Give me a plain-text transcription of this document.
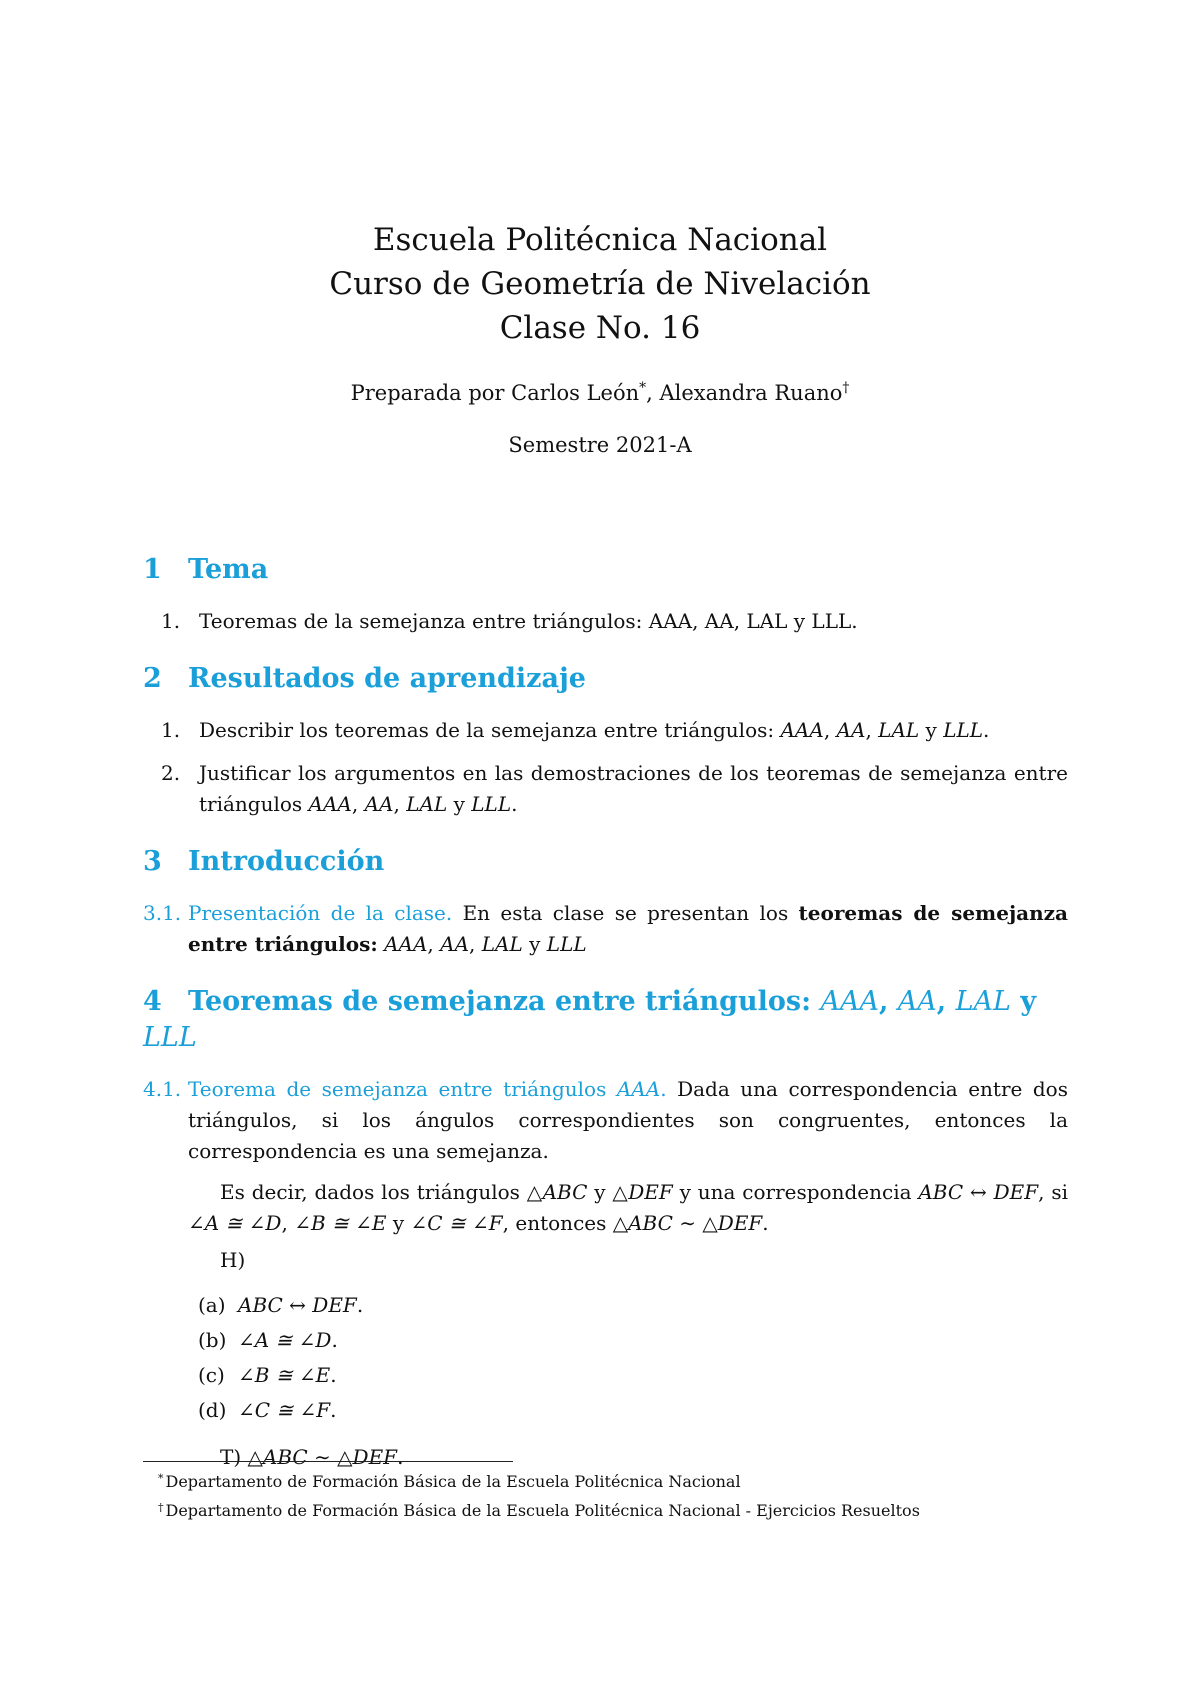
Escuela Politécnica Nacional

Curso de Geometría de Nivelación

Clase No. 16

Preparada por Carlos León*, Alexandra Ruano†
Semestre 2021-A
1 Tema
1. Teoremas de la semejanza entre triángulos: AAA, AA, LAL y LLL.
2 Resultados de aprendizaje
1. Describir los teoremas de la semejanza entre triángulos: AAA, AA, LAL y LLL.
2. Justificar los argumentos en las demostraciones de los teoremas de semejanza entre triángulos AAA, AA, LAL y LLL.
3 Introducción
3.1. Presentación de la clase. En esta clase se presentan los teoremas de semejanza entre triángulos: AAA, AA, LAL y LLL
4 Teoremas de semejanza entre triángulos: AAA, AA, LAL y LLL
4.1. Teorema de semejanza entre triángulos AAA. Dada una correspondencia entre dos triángulos, si los ángulos correspondientes son congruentes, entonces la correspondencia es una semejanza.

Es decir, dados los triángulos △ABC y △DEF y una correspondencia ABC ↔ DEF, si ∠A ≅ ∠D, ∠B ≅ ∠E y ∠C ≅ ∠F, entonces △ABC ∼ △DEF.

H)
(a) ABC ↔ DEF .
(b) ∠A ≅ ∠D .
(c) ∠B ≅ ∠E .
(d) ∠C ≅ ∠F .
T) △ABC ∼ △DEF.
* Departamento de Formación Básica de la Escuela Politécnica Nacional
† Departamento de Formación Básica de la Escuela Politécnica Nacional - Ejercicios Resueltos
